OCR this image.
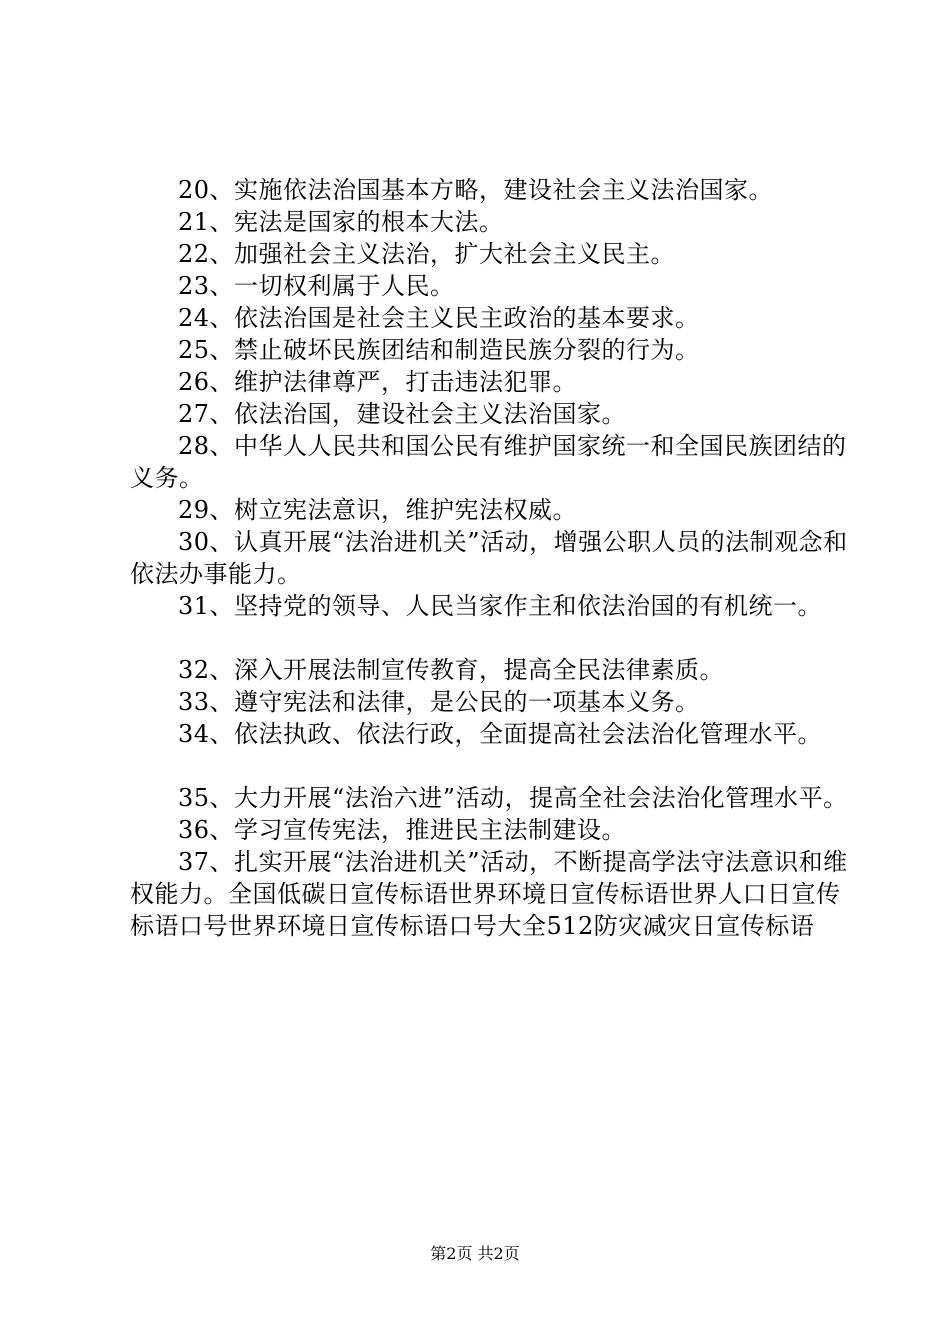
20、实施依法治国基本方略，建设社会主义法治国家。

21、宪法是国家的根本大法。

22、加强社会主义法治，扩大社会主义民主。

23、一切权利属于人民。

24、依法治国是社会主义民主政治的基本要求。

25、禁止破坏民族团结和制造民族分裂的行为。

26、维护法律尊严，打击违法犯罪。

27、依法治国，建设社会主义法治国家。

28、中华人人民共和国公民有维护国家统一和全国民族团结的义务。

29、树立宪法意识，维护宪法权威。

30、认真开展“法治进机关”活动，增强公职人员的法制观念和依法办事能力。

31、坚持党的领导、人民当家作主和依法治国的有机统一。

32、深入开展法制宣传教育，提高全民法律素质。

33、遵守宪法和法律，是公民的一项基本义务。

34、依法执政、依法行政，全面提高社会法治化管理水平。

35、大力开展“法治六进”活动，提高全社会法治化管理水平。

36、学习宣传宪法，推进民主法制建设。

37、扎实开展“法治进机关”活动，不断提高学法守法意识和维权能力。全国低碳日宣传标语世界环境日宣传标语世界人口日宣传标语口号世界环境日宣传标语口号大全512防灾减灾日宣传标语

第2页 共2页
